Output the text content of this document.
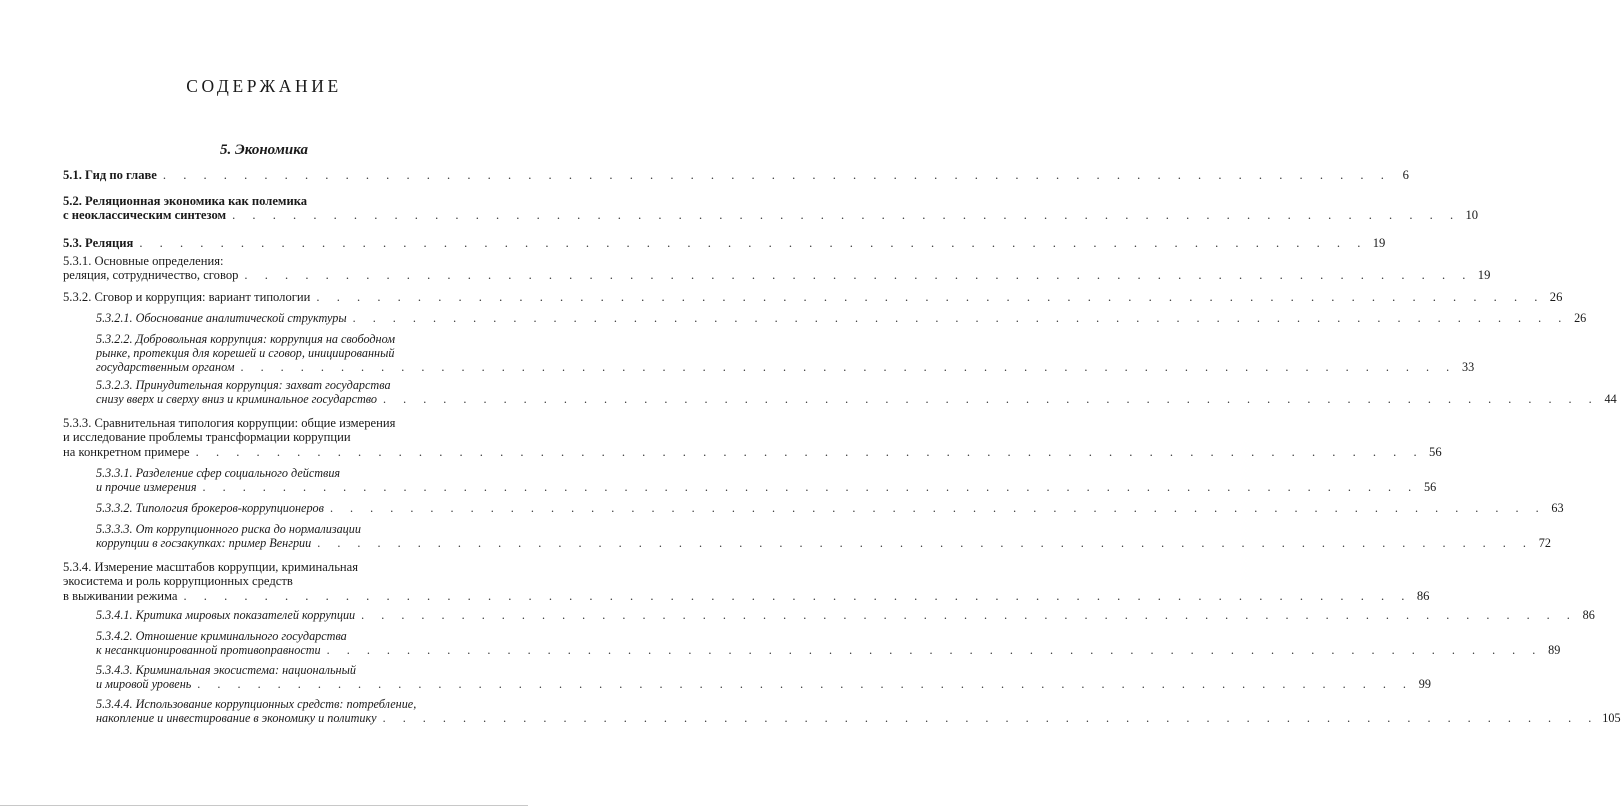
СОДЕРЖАНИЕ
5. Экономика
5.1. Гид по главе . . . . . . . . . . . . . . . . . . . . . . . . . . . . . . . . . . . . . . . . . . . . . . . . . . . . . . . . . . . . . 6
5.2. Реляционная экономика как полемика
с неоклассическим синтезом . . . . . . . . . . . . . . . . . . . . . . . . . . . . . . . . . . . . . . . . . . . . . . . . . . . . . . . . . . . . . 10
5.3. Реляция . . . . . . . . . . . . . . . . . . . . . . . . . . . . . . . . . . . . . . . . . . . . . . . . . . . . . . . . . . . . . 19
5.3.1. Основные определения:
реляция, сотрудничество, сговор . . . . . . . . . . . . . . . . . . . . . . . . . . . . . . . . . . . . . . . . . . . . . . . . . . . . . . . . . . . . . 19
5.3.2. Сговор и коррупция: вариант типологии . . . . . . . . . . . . . . . . . . . . . . . . . . . . . . . . . . . . . . . . . . . . . . . . . . . . . . . . . . . . . 26
5.3.2.1. Обоснование аналитической структуры . . . . . . . . . . . . . . . . . . . . . . . . . . . . . . . . . . . . . . . . . . . . . . . . . . . . . . . . . . . . . 26
5.3.2.2. Добровольная коррупция: коррупция на свободном
рынке, протекция для корешей и сговор, инициированный
государственным органом . . . . . . . . . . . . . . . . . . . . . . . . . . . . . . . . . . . . . . . . . . . . . . . . . . . . . . . . . . . . . 33
5.3.2.3. Принудительная коррупция: захват государства
снизу вверх и сверху вниз и криминальное государство . . . . . . . . . . . . . . . . . . . . . . . . . . . . . . . . . . . . . . . . . . . . . . . . . . . . . . . . . . . . . 44
5.3.3. Сравнительная типология коррупции: общие измерения
и исследование проблемы трансформации коррупции
на конкретном примере . . . . . . . . . . . . . . . . . . . . . . . . . . . . . . . . . . . . . . . . . . . . . . . . . . . . . . . . . . . . . 56
5.3.3.1. Разделение сфер социального действия
и прочие измерения . . . . . . . . . . . . . . . . . . . . . . . . . . . . . . . . . . . . . . . . . . . . . . . . . . . . . . . . . . . . . 56
5.3.3.2. Типология брокеров-коррупционеров . . . . . . . . . . . . . . . . . . . . . . . . . . . . . . . . . . . . . . . . . . . . . . . . . . . . . . . . . . . . . 63
5.3.3.3. От коррупционного риска до нормализации
коррупции в госзакупках: пример Венгрии . . . . . . . . . . . . . . . . . . . . . . . . . . . . . . . . . . . . . . . . . . . . . . . . . . . . . . . . . . . . . 72
5.3.4. Измерение масштабов коррупции, криминальная
экосистема и роль коррупционных средств
в выживании режима . . . . . . . . . . . . . . . . . . . . . . . . . . . . . . . . . . . . . . . . . . . . . . . . . . . . . . . . . . . . . 86
5.3.4.1. Критика мировых показателей коррупции . . . . . . . . . . . . . . . . . . . . . . . . . . . . . . . . . . . . . . . . . . . . . . . . . . . . . . . . . . . . . 86
5.3.4.2. Отношение криминального государства
к несанкционированной противоправности . . . . . . . . . . . . . . . . . . . . . . . . . . . . . . . . . . . . . . . . . . . . . . . . . . . . . . . . . . . . . 89
5.3.4.3. Криминальная экосистема: национальный
и мировой уровень . . . . . . . . . . . . . . . . . . . . . . . . . . . . . . . . . . . . . . . . . . . . . . . . . . . . . . . . . . . . . 99
5.3.4.4. Использование коррупционных средств: потребление,
накопление и инвестирование в экономику и политику . . . . . . . . . . . . . . . . . . . . . . . . . . . . . . . . . . . . . . . . . . . . . . . . . . . . . . . . . . . . . 105
